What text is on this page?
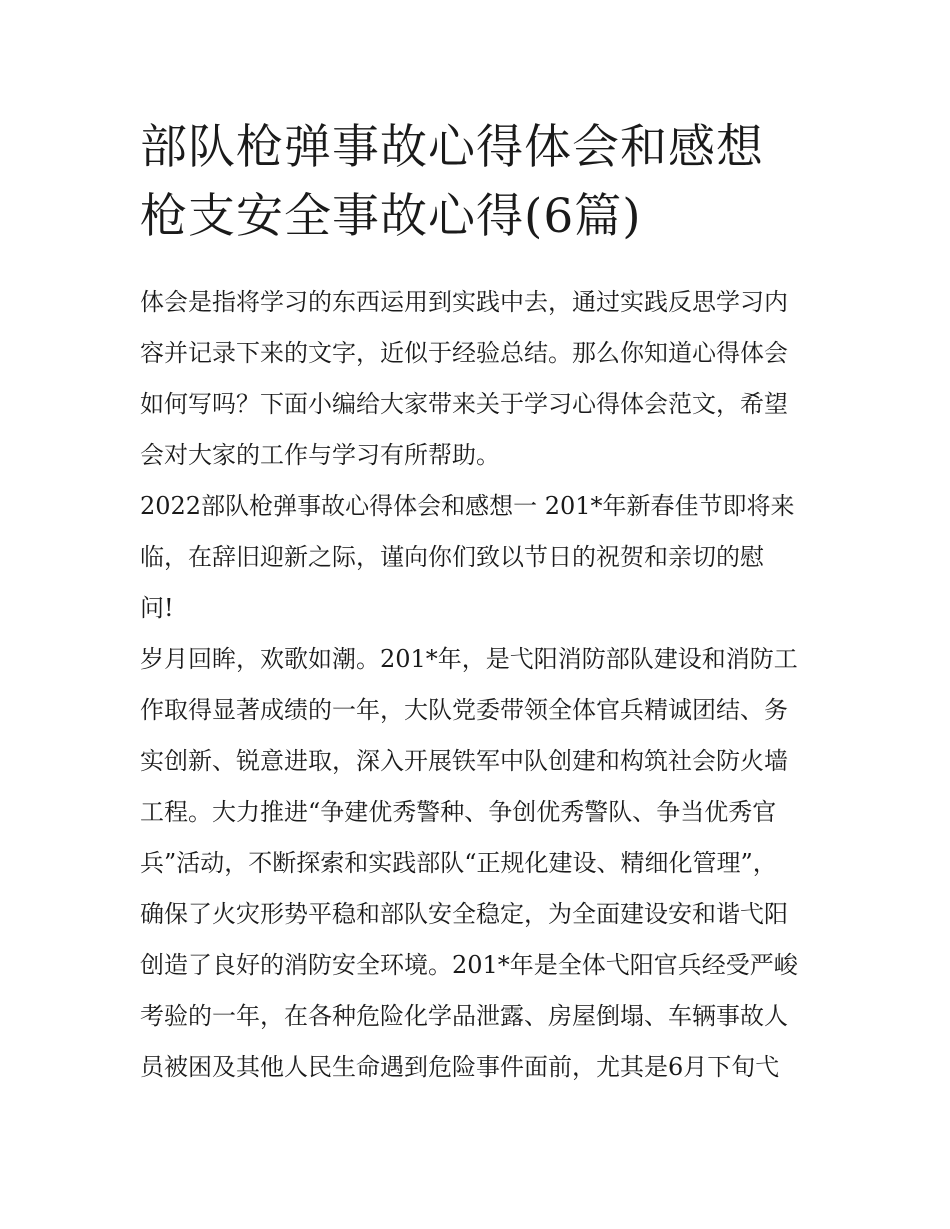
部队枪弹事故心得体会和感想
枪支安全事故心得(6篇)
体会是指将学习的东西运用到实践中去，通过实践反思学习内
容并记录下来的文字，近似于经验总结。那么你知道心得体会
如何写吗？下面小编给大家带来关于学习心得体会范文，希望
会对大家的工作与学习有所帮助。
2022部队枪弹事故心得体会和感想一 201*年新春佳节即将来
临，在辞旧迎新之际，谨向你们致以节日的祝贺和亲切的慰
问!
岁月回眸，欢歌如潮。201*年，是弋阳消防部队建设和消防工
作取得显著成绩的一年，大队党委带领全体官兵精诚团结、务
实创新、锐意进取，深入开展铁军中队创建和构筑社会防火墙
工程。大力推进“争建优秀警种、争创优秀警队、争当优秀官
兵”活动，不断探索和实践部队“正规化建设、精细化管理”，
确保了火灾形势平稳和部队安全稳定，为全面建设安和谐弋阳
创造了良好的消防安全环境。201*年是全体弋阳官兵经受严峻
考验的一年，在各种危险化学品泄露、房屋倒塌、车辆事故人
员被困及其他人民生命遇到危险事件面前，尤其是6月下旬弋
